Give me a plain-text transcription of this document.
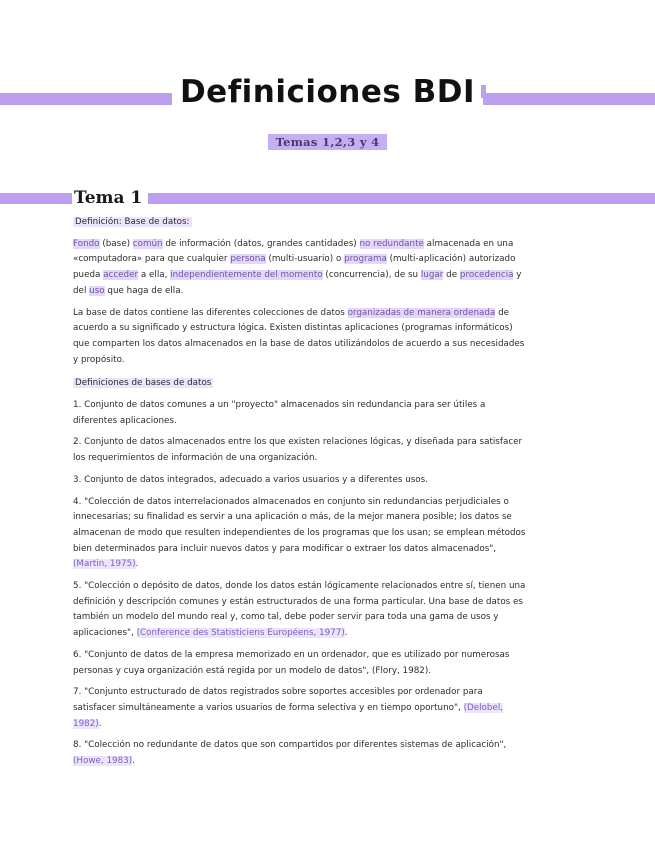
Definiciones BDI
Temas 1,2,3 y 4
Tema 1

Definición: Base de datos:

Fondo (base) común de información (datos, grandes cantidades) no redundante almacenada en una «computadora» para que cualquier persona (multi-usuario) o programa (multi-aplicación) autorizado pueda acceder a ella, independientemente del momento (concurrencia), de su lugar de procedencia y del uso que haga de ella.

La base de datos contiene las diferentes colecciones de datos organizadas de manera ordenada de acuerdo a su significado y estructura lógica. Existen distintas aplicaciones (programas informáticos) que comparten los datos almacenados en la base de datos utilizándolos de acuerdo a sus necesidades y propósito.

Definiciones de bases de datos

1. Conjunto de datos comunes a un "proyecto" almacenados sin redundancia para ser útiles a diferentes aplicaciones.

2. Conjunto de datos almacenados entre los que existen relaciones lógicas, y diseñada para satisfacer los requerimientos de información de una organización.

3. Conjunto de datos integrados, adecuado a varios usuarios y a diferentes usos.

4. "Colección de datos interrelacionados almacenados en conjunto sin redundancias perjudiciales o innecesarias; su finalidad es servir a una aplicación o más, de la mejor manera posible; los datos se almacenan de modo que resulten independientes de los programas que los usan; se emplean métodos bien determinados para incluir nuevos datos y para modificar o extraer los datos almacenados", (Martin, 1975).

5. "Colección o depósito de datos, donde los datos están lógicamente relacionados entre sí, tienen una definición y descripción comunes y están estructurados de una forma particular. Una base de datos es también un modelo del mundo real y, como tal, debe poder servir para toda una gama de usos y aplicaciones", (Conference des Statisticiens Européens, 1977).

6. "Conjunto de datos de la empresa memorizado en un ordenador, que es utilizado por numerosas personas y cuya organización está regida por un modelo de datos", (Flory, 1982).

7. "Conjunto estructurado de datos registrados sobre soportes accesibles por ordenador para satisfacer simultáneamente a varios usuarios de forma selectiva y en tiempo oportuno", (Delobel, 1982).

8. "Colección no redundante de datos que son compartidos por diferentes sistemas de aplicación", (Howe, 1983).
